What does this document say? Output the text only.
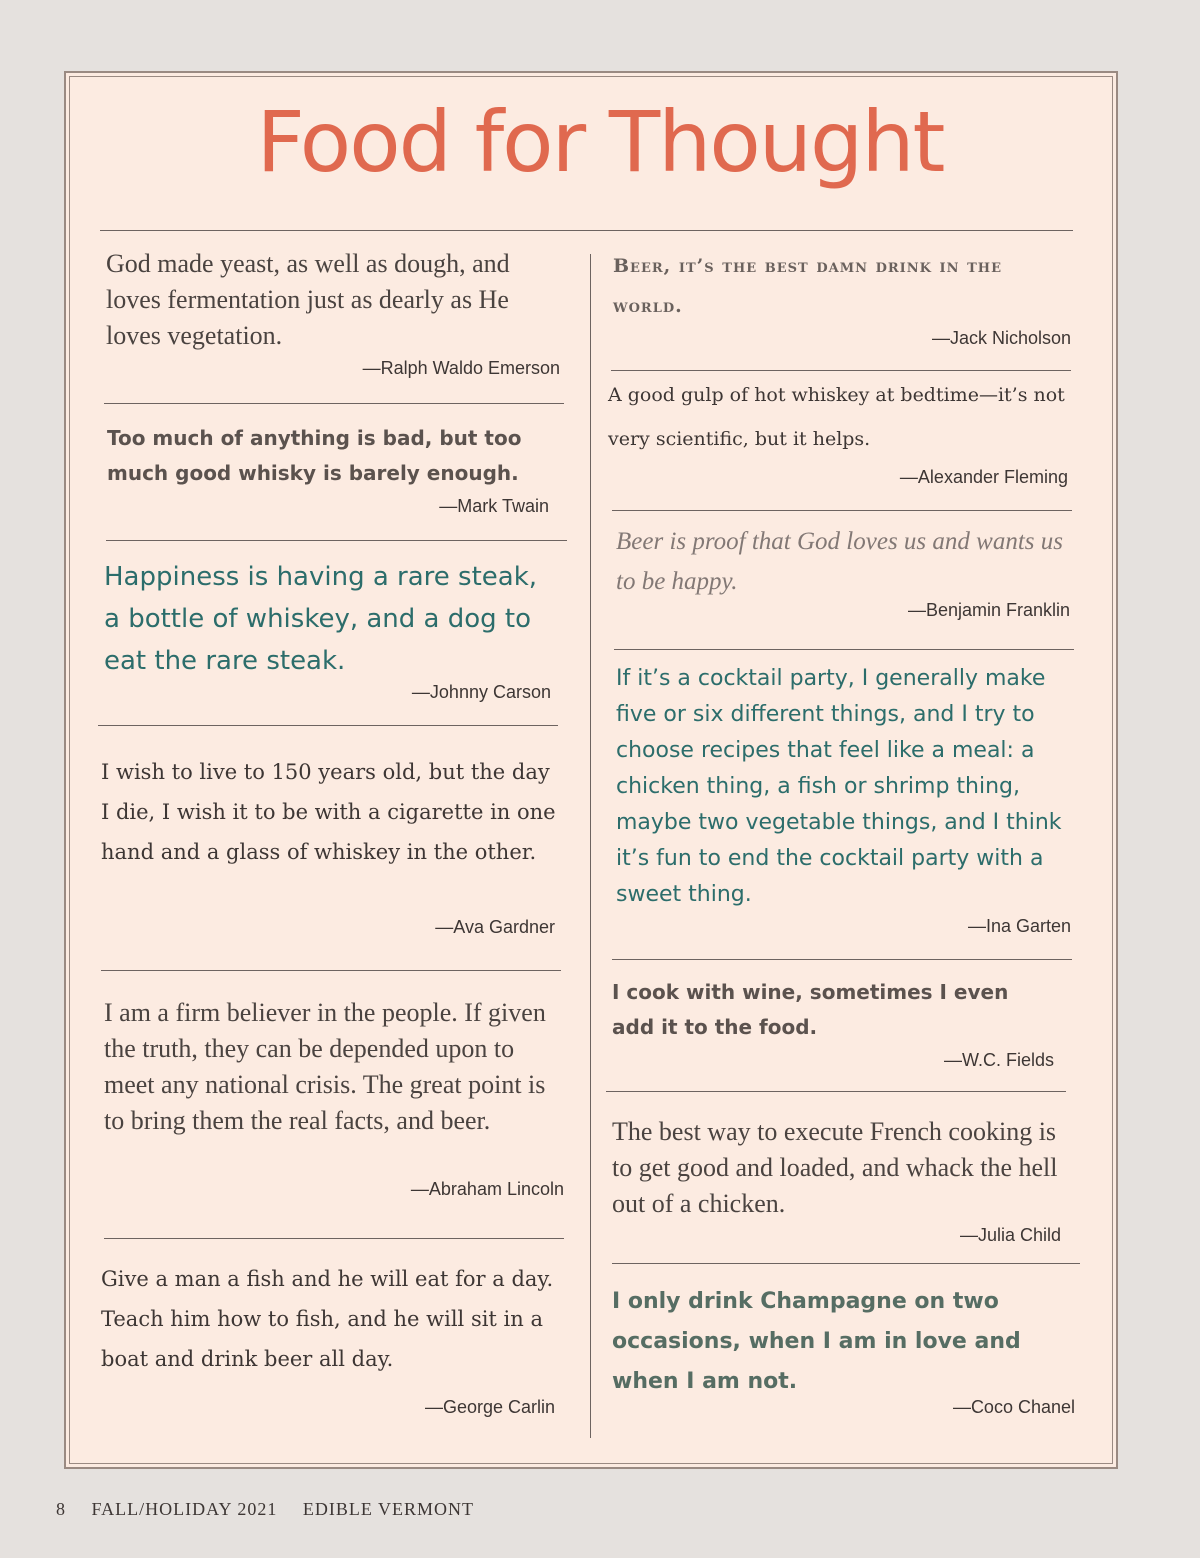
Food for Thought
God made yeast, as well as dough, and loves fermentation just as dearly as He loves vegetation.
—Ralph Waldo Emerson
Too much of anything is bad, but too much good whisky is barely enough.
—Mark Twain
Happiness is having a rare steak, a bottle of whiskey, and a dog to eat the rare steak.
—Johnny Carson
I wish to live to 150 years old, but the day I die, I wish it to be with a cigarette in one hand and a glass of whiskey in the other.
—Ava Gardner
I am a firm believer in the people. If given the truth, they can be depended upon to meet any national crisis. The great point is to bring them the real facts, and beer.
—Abraham Lincoln
Give a man a fish and he will eat for a day. Teach him how to fish, and he will sit in a boat and drink beer all day.
—George Carlin
Beer, it’s the best damn drink in the world.
—Jack Nicholson
A good gulp of hot whiskey at bedtime—it’s not very scientific, but it helps.
—Alexander Fleming
Beer is proof that God loves us and wants us to be happy.
—Benjamin Franklin
If it’s a cocktail party, I generally make five or six different things, and I try to choose recipes that feel like a meal: a chicken thing, a fish or shrimp thing, maybe two vegetable things, and I think it’s fun to end the cocktail party with a sweet thing.
—Ina Garten
I cook with wine, sometimes I even add it to the food.
—W.C. Fields
The best way to execute French cooking is to get good and loaded, and whack the hell out of a chicken.
—Julia Child
I only drink Champagne on two occasions, when I am in love and when I am not.
—Coco Chanel
8 FALL/HOLIDAY 2021 EDIBLE VERMONT
